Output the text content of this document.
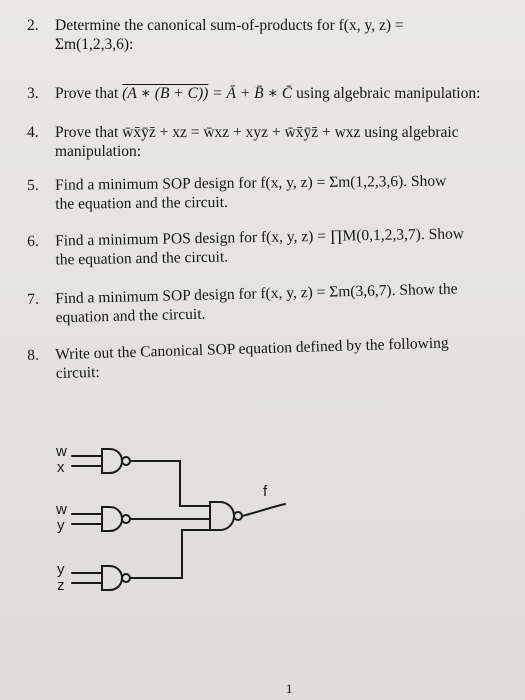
2.	Determine the canonical sum-of-products for f(x, y, z) =
Σm(1,2,3,6):
3.	Prove that (A ∗ (B + C)) = Ā + B̄ ∗ C̄ using algebraic manipulation:
4.	Prove that w̄x̄ȳz̄ + xz = w̄xz + xyz + w̄x̄ȳz̄ + wxz using algebraic
manipulation:
5.	Find a minimum SOP design for f(x, y, z) = Σm(1,2,3,6). Show
the equation and the circuit.
6.	Find a minimum POS design for f(x, y, z) = ∏M(0,1,2,3,7). Show
the equation and the circuit.
7.	Find a minimum SOP design for f(x, y, z) = Σm(3,6,7). Show the
equation and the circuit.
8.	Write out the Canonical SOP equation defined by the following
circuit:
w
x
w
y
y
z
f
1
